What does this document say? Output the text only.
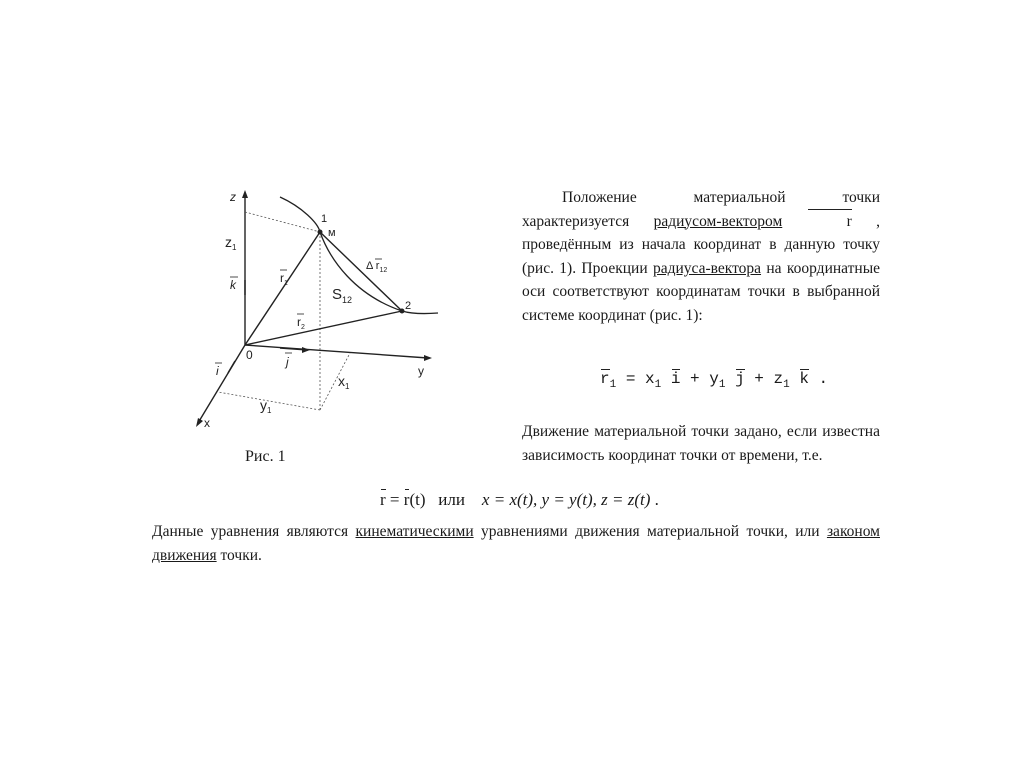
z
x
y
0
$z_1$
$x_1$
$y_1$
k
i
j
$r_1$
$r_2$
$S_{12}$
Δ $r_{12}$
1
м
2
Рис. 1
Положение материальной точки характеризуется радиусом-вектором	r , проведённым из начала координат в данную точку (рис. 1). Проекции радиуса-вектора на координатные оси соответствуют координатам точки в выбранной системе координат (рис. 1):
$r_1 = x_1$ $i + y_1$ $j + z_1$ k .
Движение материальной точки задано, если известна зависимость координат точки от времени, т.е.
r = r(t)   или    x = x(t), y = y(t), z = z(t) .
Данные уравнения являются кинематическими уравнениями движения материальной точки, или законом движения точки.
